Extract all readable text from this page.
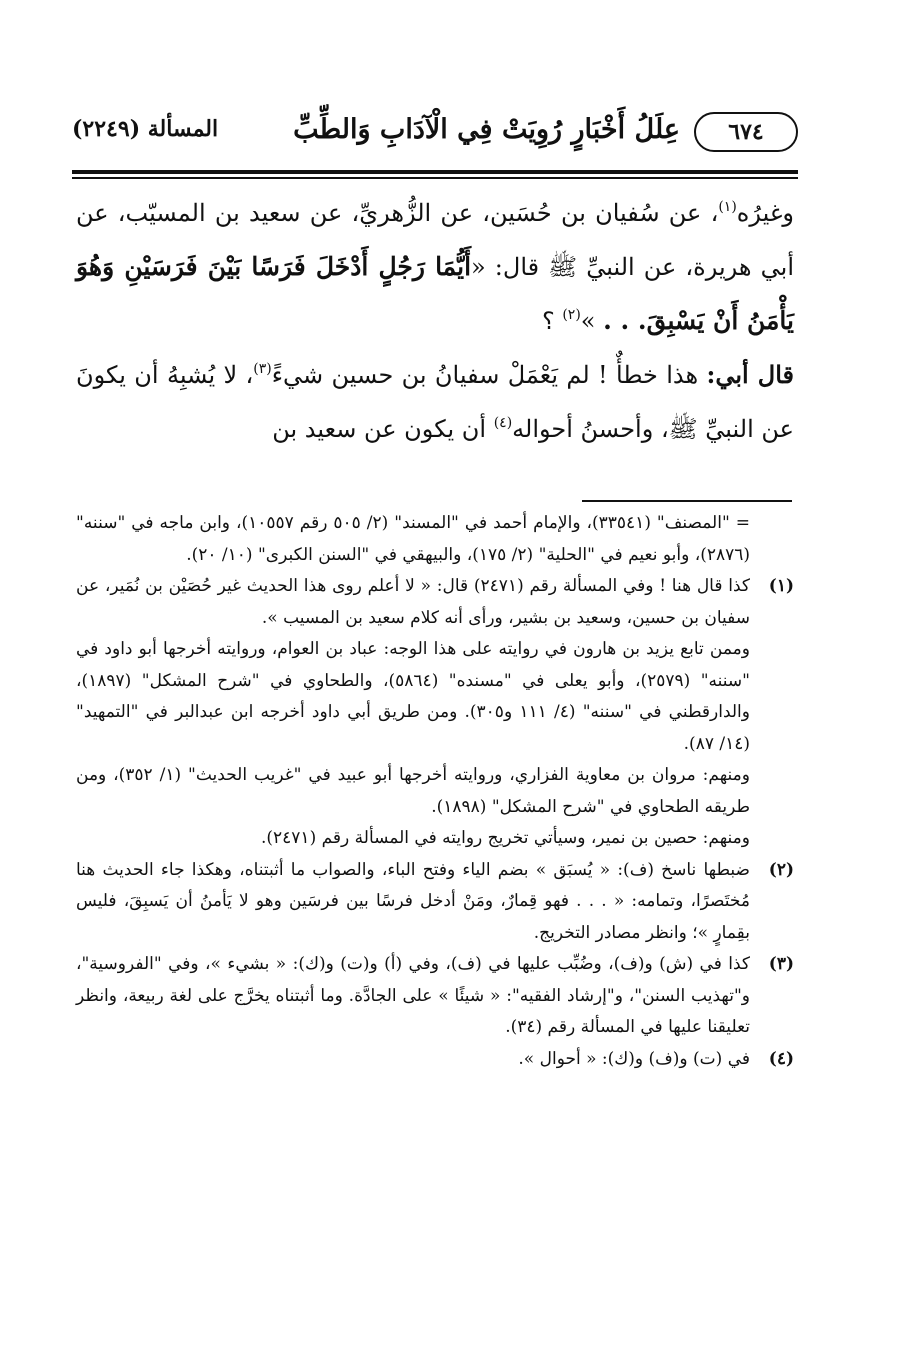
٦٧٤
عِلَلُ أَخْبَارٍ رُوِيَتْ فِي الْآدَابِ وَالطِّبِّ
المسألة (٢٢٤٩)

وغيرُه$^{(١)}$، عن سُفيان بن حُسَين، عن الزُّهريِّ، عن سعيد بن المسيّب، عن أبي هريرة، عن النبيِّ ﷺ قال: «أَيُّمَا رَجُلٍ أَدْخَلَ فَرَسًا بَيْنَ فَرَسَيْنِ وَهُوَ يَأْمَنُ أَنْ يَسْبِقَ. . . »$^{(٢)}$ ؟

قال أبي: هذا خطأٌ ! لم يَعْمَلْ سفيانُ بن حسين شيءً$^{(٣)}$، لا يُشبِهُ أن يكونَ عن النبيِّ ﷺ، وأحسنُ أحواله$^{(٤)}$ أن يكون عن سعيد بن

= "المصنف" (٣٣٥٤١)، والإمام أحمد في "المسند" (٢/ ٥٠٥ رقم ١٠٥٥٧)، وابن ماجه في "سننه"(٢٨٧٦)، وأبو نعيم في "الحلية" (٢/ ١٧٥)، والبيهقي في "السنن الكبرى" (١٠/ ٢٠).

(١)

كذا قال هنا ! وفي المسألة رقم (٢٤٧١) قال: « لا أعلم روى هذا الحديث غير حُصَيْن بن نُمَير، عن سفيان بن حسين، وسعيد بن بشير، ورأى أنه كلام سعيد بن المسيب ».

وممن تابع يزيد بن هارون في روايته على هذا الوجه: عباد بن العوام، وروايته أخرجها أبو داود في "سننه" (٢٥٧٩)، وأبو يعلى في "مسنده" (٥٨٦٤)، والطحاوي في "شرح المشكل" (١٨٩٧)، والدارقطني في "سننه" (٤/ ١١١ و٣٠٥). ومن طريق أبي داود أخرجه ابن عبدالبر في "التمهيد" (١٤/ ٨٧).

ومنهم: مروان بن معاوية الفزاري، وروايته أخرجها أبو عبيد في "غريب الحديث" (١/ ٣٥٢)، ومن طريقه الطحاوي في "شرح المشكل" (١٨٩٨).

ومنهم: حصين بن نمير، وسيأتي تخريج روايته في المسألة رقم (٢٤٧١).

(٢)

ضبطها ناسخ (ف): « يُسبَق » بضم الياء وفتح الباء، والصواب ما أثبتناه، وهكذا جاء الحديث هنا مُختَصرًا، وتمامه: « . . . فهو قِمارٌ، ومَنْ أدخل فرسًا بين فرسَين وهو لا يَأمنُ أن يَسبِقَ، فليس بقِمارٍ »؛ وانظر مصادر التخريج.

(٣)

كذا في (ش) و(ف)، وضُبِّب عليها في (ف)، وفي (أ) و(ت) و(ك): « بشيء »، وفي "الفروسية"، و"تهذيب السنن"، و"إرشاد الفقيه": « شيئًا » على الجادَّة. وما أثبتناه يخرَّج على لغة ربيعة، وانظر تعليقنا عليها في المسألة رقم (٣٤).

(٤)

في (ت) و(ف) و(ك): « أحوال ».
